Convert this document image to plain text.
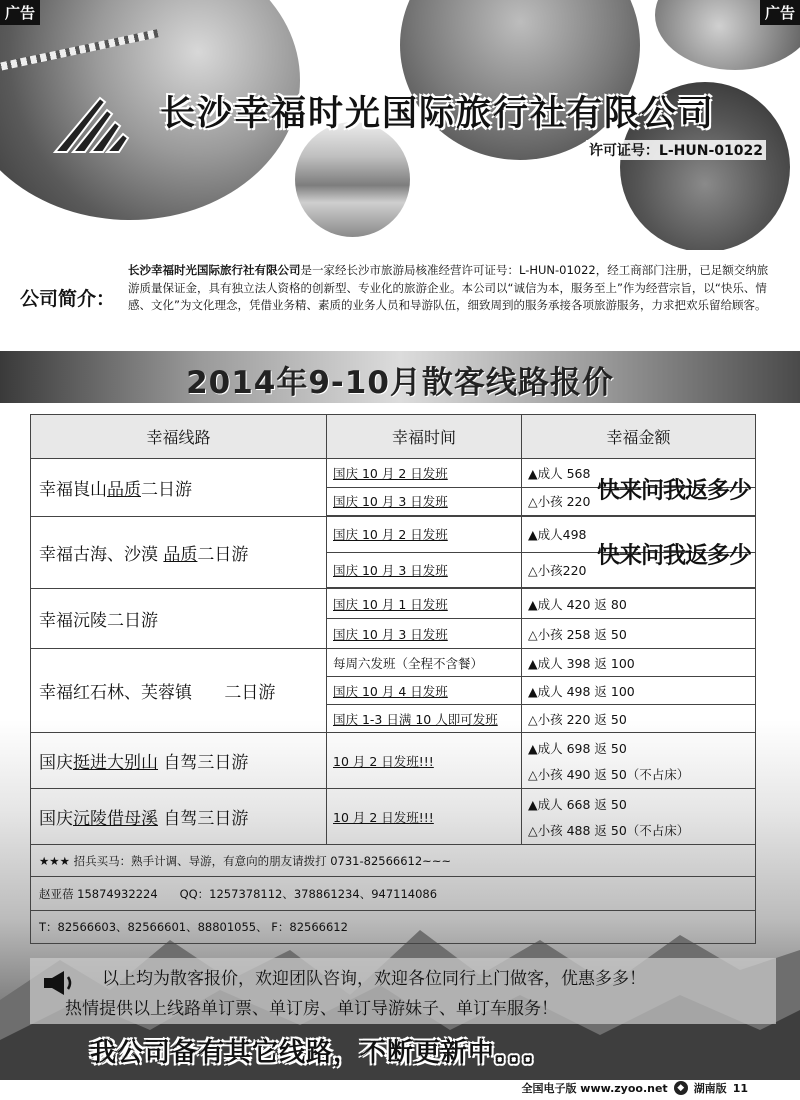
广告	广告
长沙幸福时光国际旅行社有限公司
许可证号：L-HUN-01022
公司简介：
长沙幸福时光国际旅行社有限公司是一家经长沙市旅游局核准经营许可证号：L-HUN-01022，经工商部门注册，已足额交纳旅游质量保证金，具有独立法人资格的创新型、专业化的旅游企业。本公司以“诚信为本，服务至上”作为经营宗旨，以“快乐、情感、文化”为文化理念，凭借业务精、素质的业务人员和导游队伍，细致周到的服务承接各项旅游服务，力求把欢乐留给顾客。
2014年9-10月散客线路报价
幸福线路	幸福时间	幸福金额
幸福崀山 品质 二日游
国庆 10 月 2 日发班	▲成人 568
国庆 10 月 3 日发班	△小孩 220 快来问我返多少
幸福古海、沙漠 品质 二日游
国庆 10 月 2 日发班	▲成人498
国庆 10 月 3 日发班	△小孩220
快来问我返多少
幸福沅陵二日游
国庆 10 月 1 日发班	▲成人 420 返 80
国庆 10 月 3 日发班	△小孩 258 返 50
幸福红石林、芙蓉镇      二日游
每周六发班（全程不含餐）	▲成人 398 返 100
国庆 10 月 4 日发班	▲成人 498 返 100
国庆 1-3 日满 10 人即可发班	△小孩 220 返 50
国庆 挺进大别山 自驾三日游	10 月 2 日发班!!!
▲成人 698 返 50
△小孩 490 返 50（不占床）
国庆 沅陵借母溪 自驾三日游	10 月 2 日发班!!!
▲成人 668 返 50
△小孩 488 返 50（不占床）
★★★ 招兵买马：熟手计调、导游，有意向的朋友请拨打 0731-82566612~~~
赵亚蓓 15874932224      QQ：1257378112、378861234、947114086
T：82566603、82566601、88801055、 F：82566612
以上均为散客报价，欢迎团队咨询，欢迎各位同行上门做客，优惠多多！
热情提供以上线路单订票、单订房、单订导游妹子、单订车服务！
我公司备有其它线路，不断更新中。。。
全国电子版 www.zyoo.net	◆ 湖南版 11
